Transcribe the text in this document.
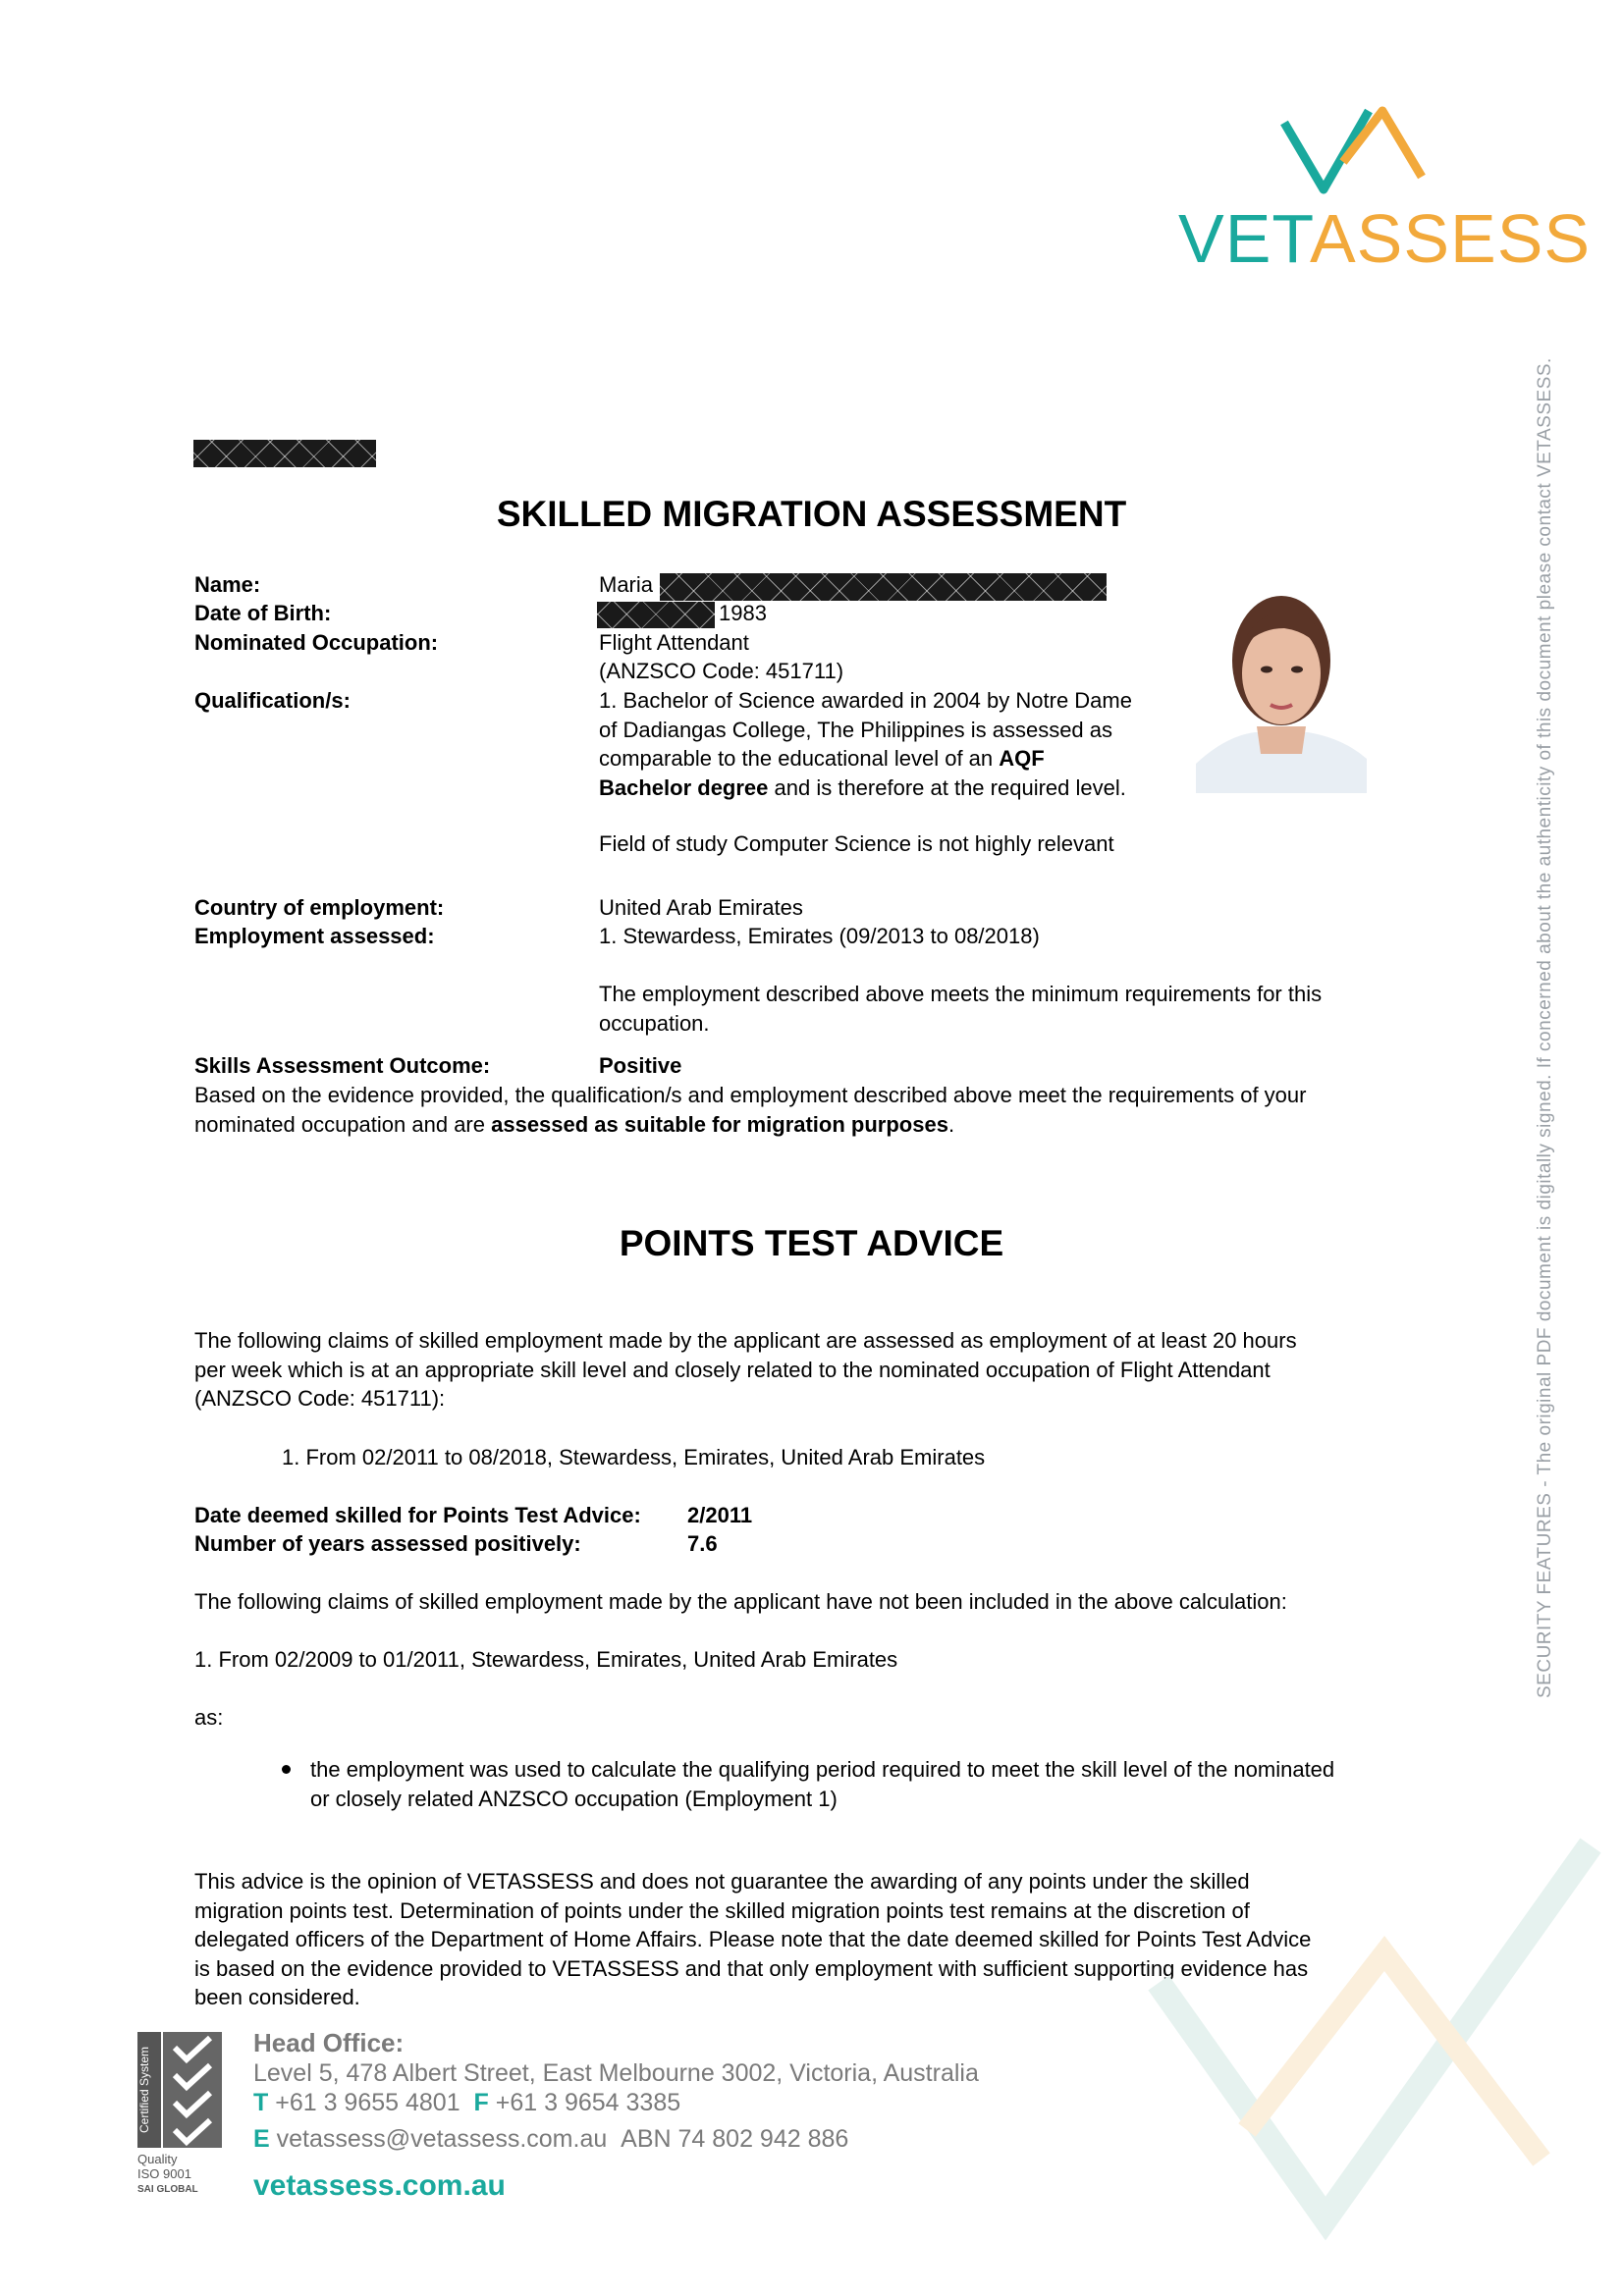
VETASSESS
SECURITY FEATURES - The original PDF document is digitally signed. If concerned about the authenticity of this document please contact VETASSESS.
SKILLED MIGRATION ASSESSMENT
Name:
Date of Birth:
Nominated Occupation:
Qualification/s:
Maria
1983
Flight Attendant
(ANZSCO Code: 451711)
1. Bachelor of Science awarded in 2004 by Notre Dame
of Dadiangas College, The Philippines is assessed as
comparable to the educational level of an AQF
Bachelor degree and is therefore at the required level.
Field of study Computer Science is not highly relevant
Country of employment:
Employment assessed:
United Arab Emirates
1. Stewardess, Emirates (09/2013 to 08/2018)
The employment described above meets the minimum requirements for this
occupation.
Skills Assessment Outcome:	Positive
Based on the evidence provided, the qualification/s and employment described above meet the requirements of your
nominated occupation and are assessed as suitable for migration purposes.
POINTS TEST ADVICE
The following claims of skilled employment made by the applicant are assessed as employment of at least 20 hours
per week which is at an appropriate skill level and closely related to the nominated occupation of Flight Attendant
(ANZSCO Code: 451711):
1. From 02/2011 to 08/2018, Stewardess, Emirates, United Arab Emirates
Date deemed skilled for Points Test Advice: 2/2011
Number of years assessed positively:	7.6
The following claims of skilled employment made by the applicant have not been included in the above calculation:
1. From 02/2009 to 01/2011, Stewardess, Emirates, United Arab Emirates
as:
the employment was used to calculate the qualifying period required to meet the skill level of the nominated
or closely related ANZSCO occupation (Employment 1)
This advice is the opinion of VETASSESS and does not guarantee the awarding of any points under the skilled
migration points test. Determination of points under the skilled migration points test remains at the discretion of
delegated officers of the Department of Home Affairs. Please note that the date deemed skilled for Points Test Advice
is based on the evidence provided to VETASSESS and that only employment with sufficient supporting evidence has
been considered.
Certified System
Quality
ISO 9001
SAI GLOBAL
Head Office:
Level 5, 478 Albert Street, East Melbourne 3002, Victoria, Australia
T +61 3 9655 4801 F +61 3 9654 3385
E vetassess@vetassess.com.au ABN 74 802 942 886
vetassess.com.au
